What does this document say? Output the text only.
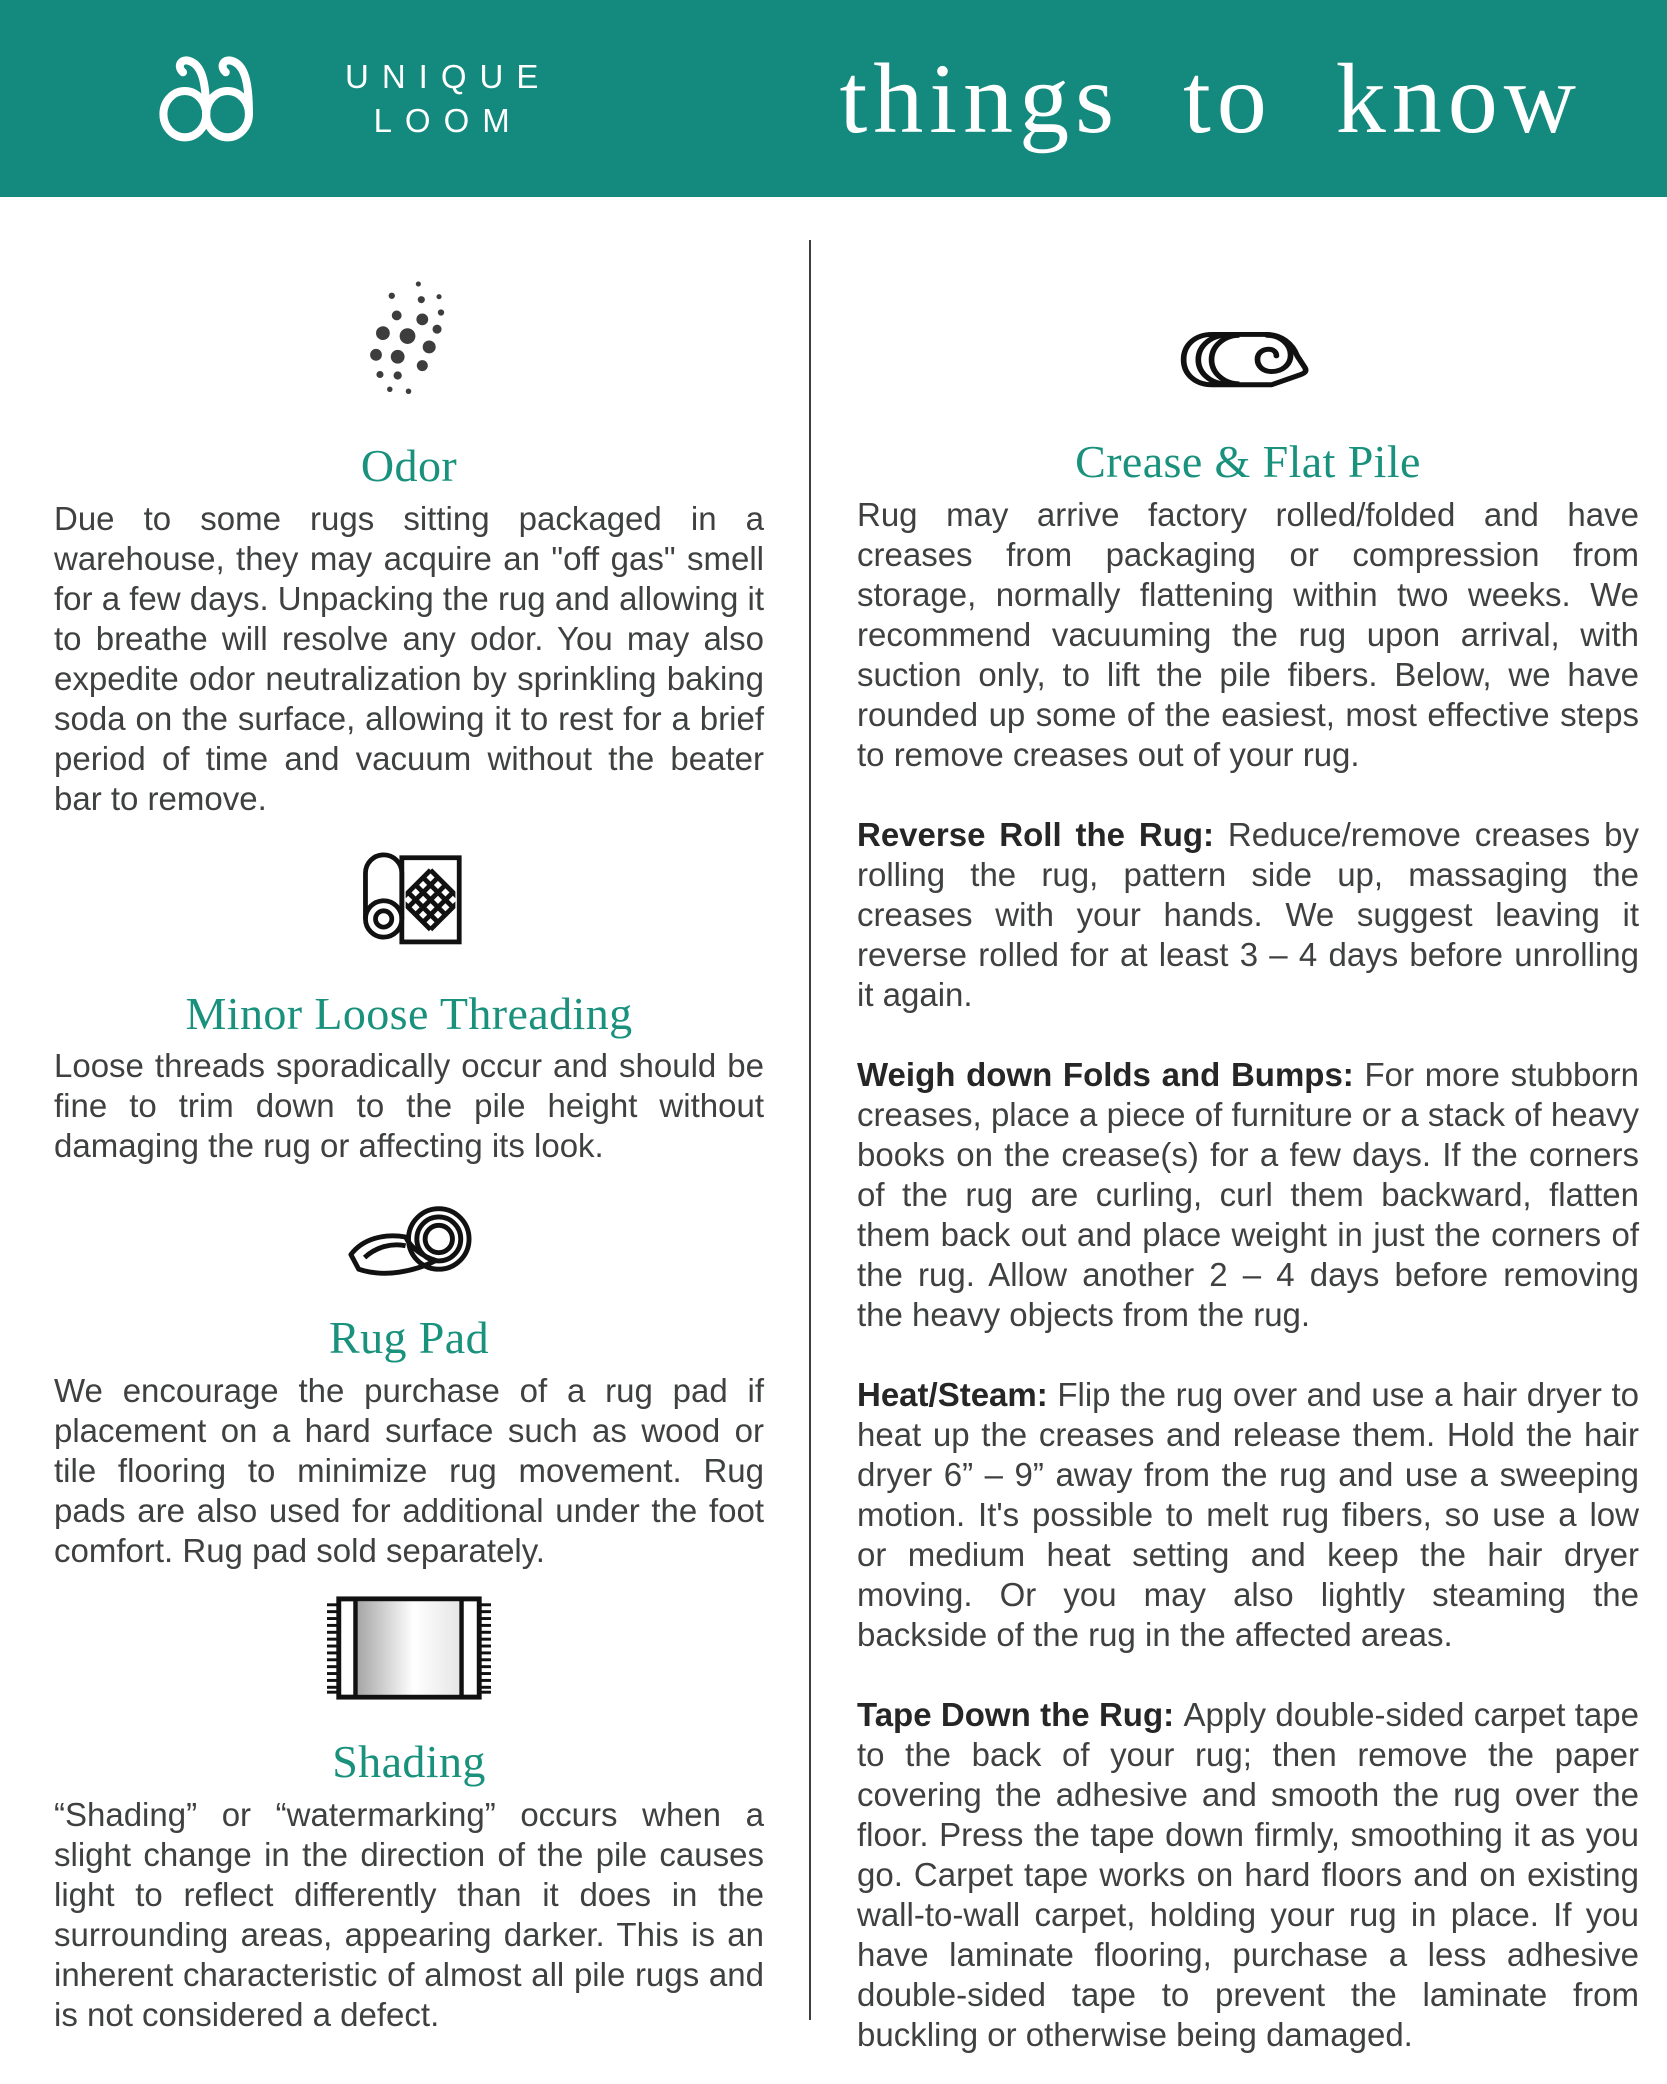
UNIQUE
LOOM	things to know
Odor

Due to some rugs sitting packaged in a warehouse, they may acquire an "off gas" smell for a few days. Unpacking the rug and allowing it to breathe will resolve any odor. You may also expedite odor neutralization by sprinkling baking soda on the surface, allowing it to rest for a brief period of time and vacuum without the beater bar to remove.

Minor Loose Threading

Loose threads sporadically occur and should be fine to trim down to the pile height without damaging the rug or affecting its look.

Rug Pad

We encourage the purchase of a rug pad if placement on a hard surface such as wood or tile flooring to minimize rug movement. Rug pads are also used for additional under the foot comfort. Rug pad sold separately.

Shading

“Shading” or “watermarking” occurs when a slight change in the direction of the pile causes light to reflect differently than it does in the surrounding areas, appearing darker. This is an inherent characteristic of almost all pile rugs and is not considered a defect.

Crease & Flat Pile

Rug may arrive factory rolled/folded and have creases from packaging or compression from storage, normally flattening within two weeks. We recommend vacuuming the rug upon arrival, with suction only, to lift the pile fibers. Below, we have rounded up some of the easiest, most effective steps to remove creases out of your rug.

Reverse Roll the Rug: Reduce/remove creases by rolling the rug, pattern side up, massaging the creases with your hands. We suggest leaving it reverse rolled for at least 3 – 4 days before unrolling it again.

Weigh down Folds and Bumps: For more stubborn creases, place a piece of furniture or a stack of heavy books on the crease(s) for a few days. If the corners of the rug are curling, curl them backward, flatten them back out and place weight in just the corners of the rug. Allow another 2 – 4 days before removing the heavy objects from the rug.

Heat/Steam: Flip the rug over and use a hair dryer to heat up the creases and release them. Hold the hair dryer 6” – 9” away from the rug and use a sweeping motion. It's possible to melt rug fibers, so use a low or medium heat setting and keep the hair dryer moving. Or you may also lightly steaming the backside of the rug in the affected areas.

Tape Down the Rug: Apply double-sided carpet tape to the back of your rug; then remove the paper covering the adhesive and smooth the rug over the floor. Press the tape down firmly, smoothing it as you go. Carpet tape works on hard floors and on existing wall-to-wall carpet, holding your rug in place. If you have laminate flooring, purchase a less adhesive double-sided tape to prevent the laminate from buckling or otherwise being damaged.
